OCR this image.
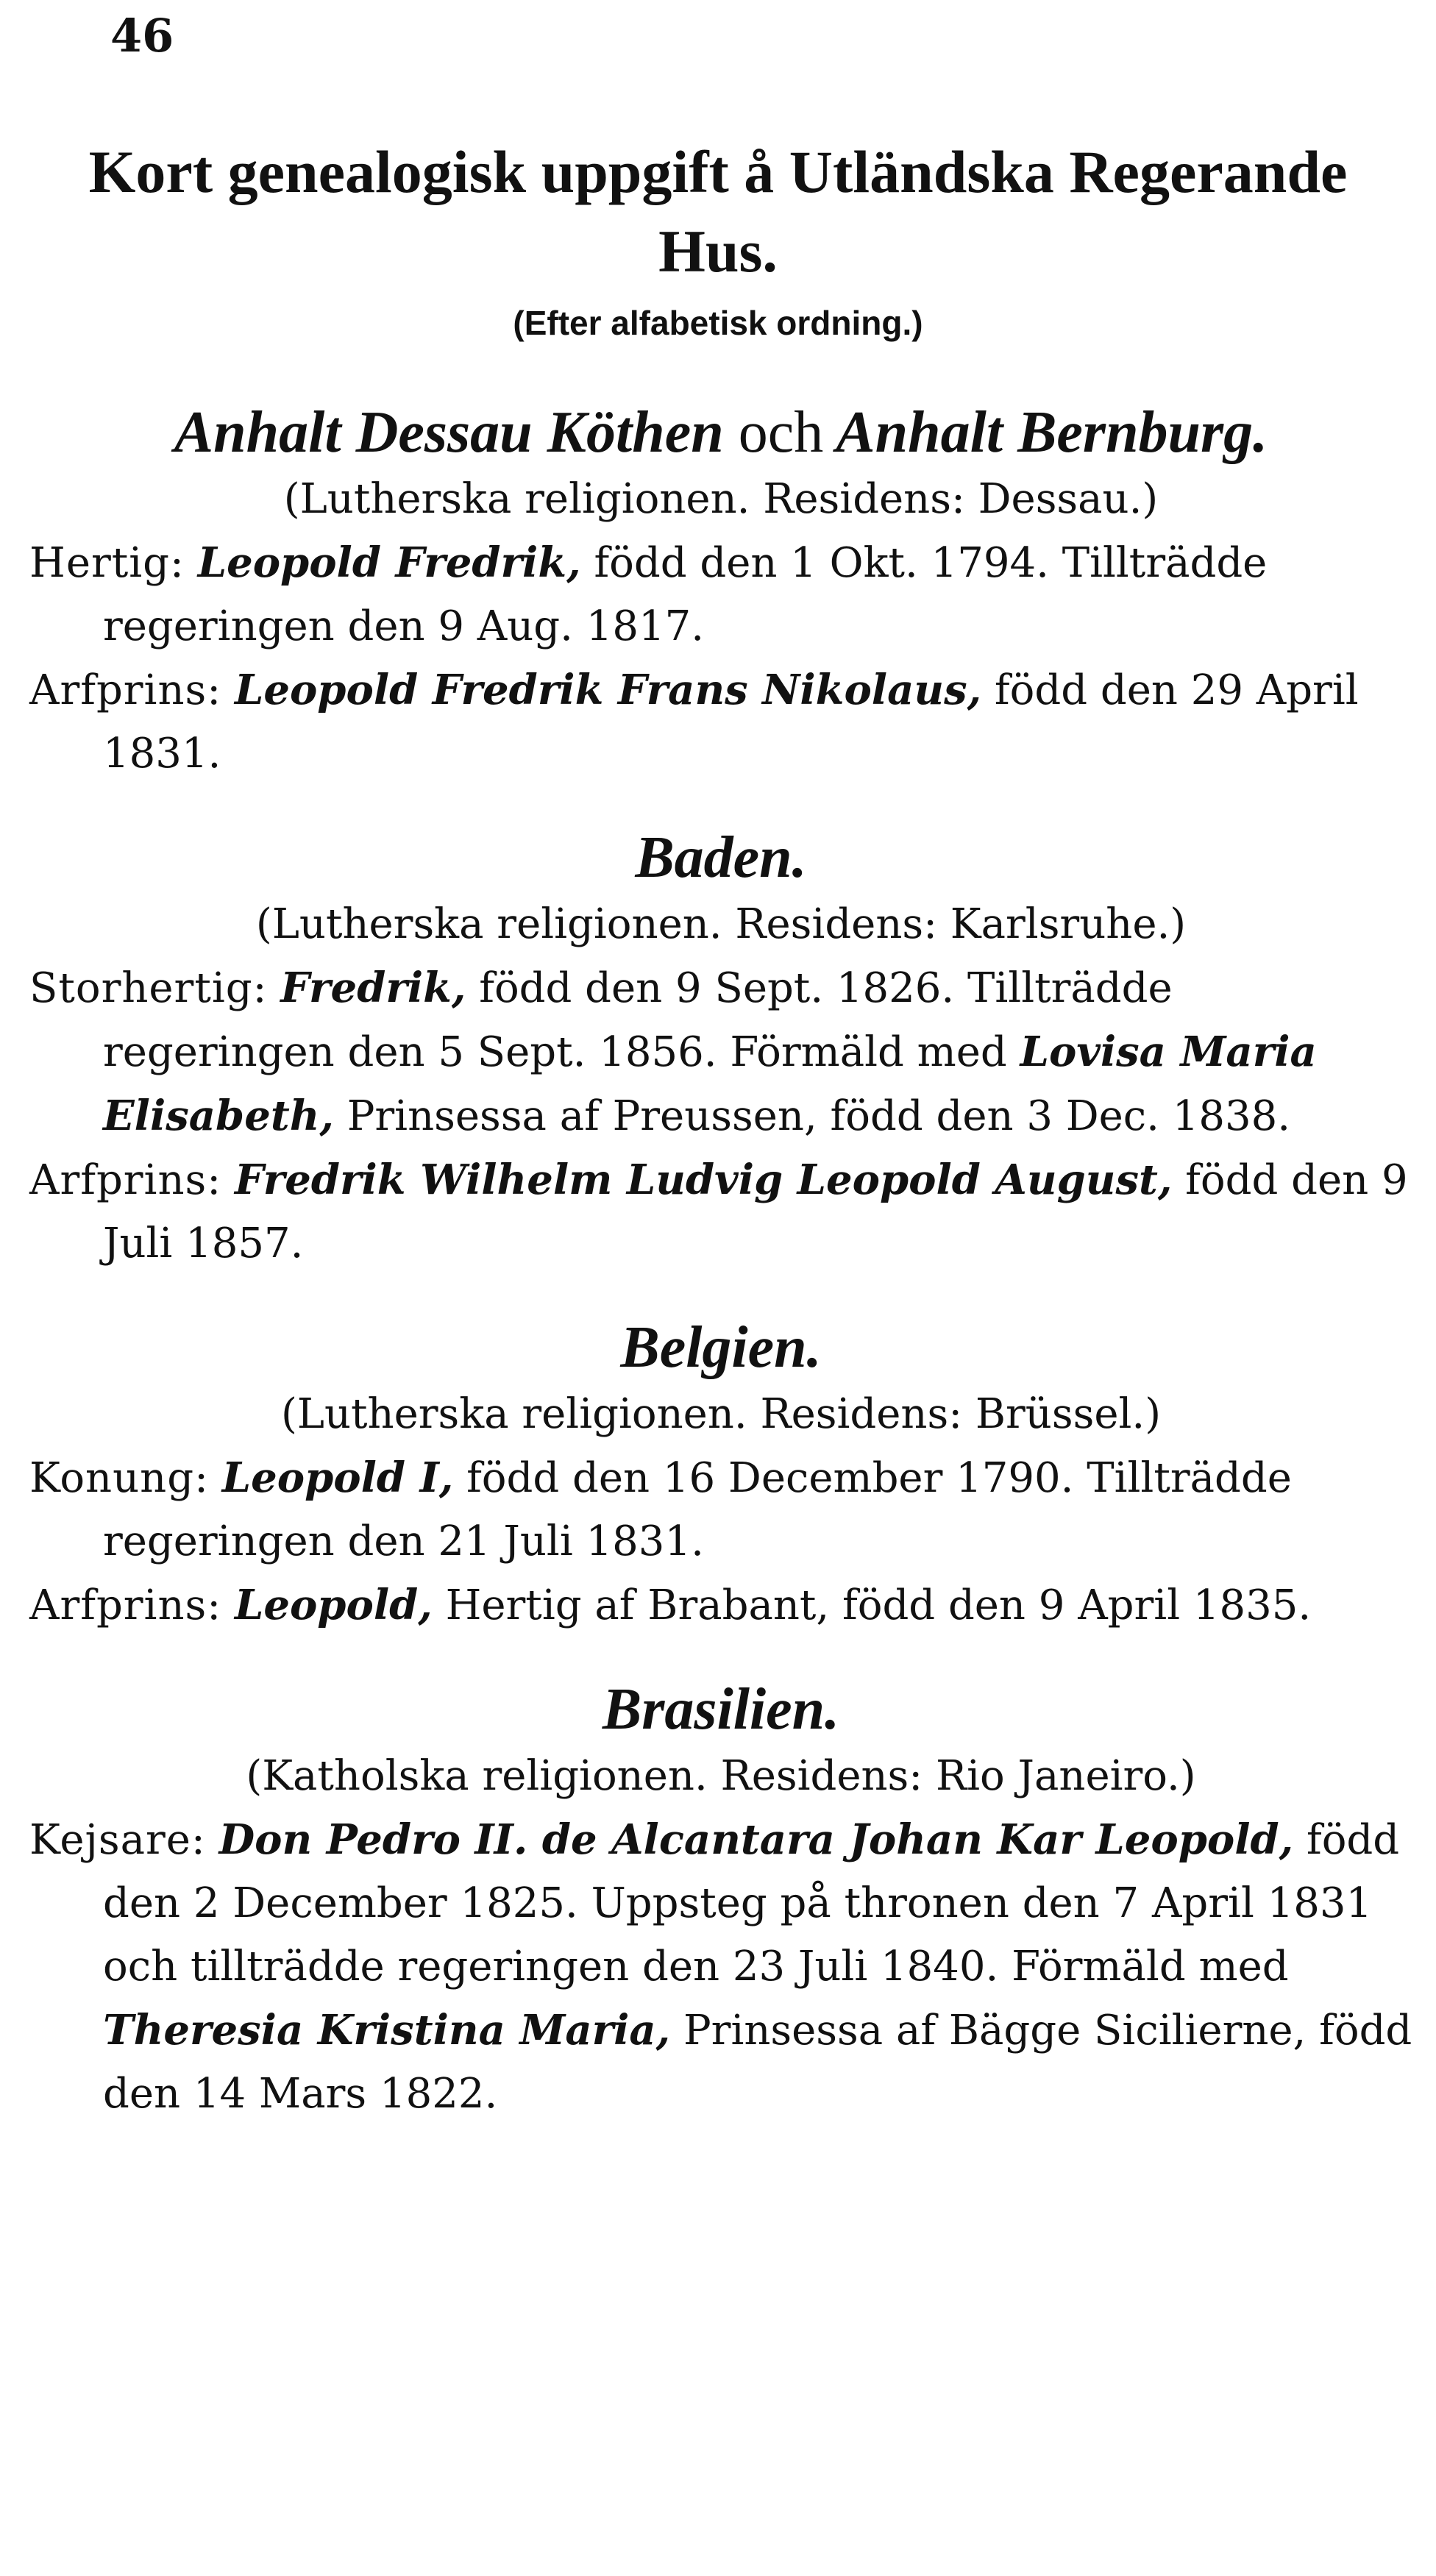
46
Kort genealogisk uppgift å Utländska Regerande Hus.
(Efter alfabetisk ordning.)
Anhalt Dessau Köthen och Anhalt Bernburg.
(Lutherska religionen. Residens: Dessau.)
Hertig: Leopold Fredrik, född den 1 Okt. 1794. Tillträdde regeringen den 9 Aug. 1817.
Arfprins: Leopold Fredrik Frans Nikolaus, född den 29 April 1831.
Baden.
(Lutherska religionen. Residens: Karlsruhe.)
Storhertig: Fredrik, född den 9 Sept. 1826. Tillträdde regeringen den 5 Sept. 1856. Förmäld med Lovisa Maria Elisabeth, Prinsessa af Preussen, född den 3 Dec. 1838.
Arfprins: Fredrik Wilhelm Ludvig Leopold August, född den 9 Juli 1857.
Belgien.
(Lutherska religionen. Residens: Brüssel.)
Konung: Leopold I, född den 16 December 1790. Tillträdde regeringen den 21 Juli 1831.
Arfprins: Leopold, Hertig af Brabant, född den 9 April 1835.
Brasilien.
(Katholska religionen. Residens: Rio Janeiro.)
Kejsare: Don Pedro II. de Alcantara Johan Kar Leopold, född den 2 December 1825. Uppsteg på thronen den 7 April 1831 och tillträdde regeringen den 23 Juli 1840. Förmäld med Theresia Kristina Maria, Prinsessa af Bägge Sicilierne, född den 14 Mars 1822.
